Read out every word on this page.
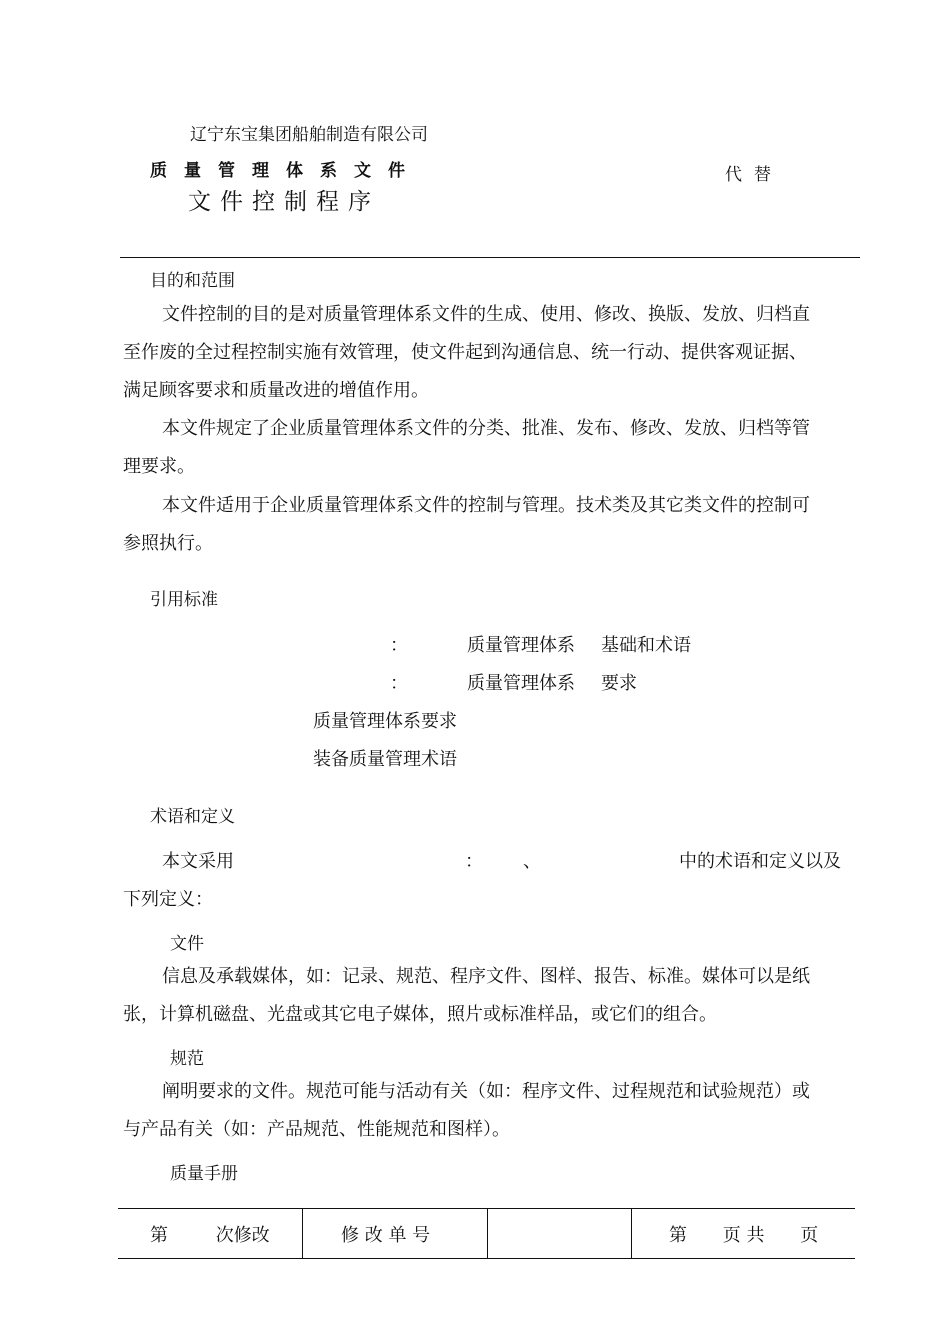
辽宁东宝集团船舶制造有限公司
质量管理体系文件
文件控制程序
代替
目的和范围
文件控制的目的是对质量管理体系文件的生成、使用、修改、换版、发放、归档直
至作废的全过程控制实施有效管理，使文件起到沟通信息、统一行动、提供客观证据、
满足顾客要求和质量改进的增值作用。
本文件规定了企业质量管理体系文件的分类、批准、发布、修改、发放、归档等管
理要求。
本文件适用于企业质量管理体系文件的控制与管理。技术类及其它类文件的控制可
参照执行。
引用标准
：	质量管理体系 基础和术语
：	质量管理体系 要求
质量管理体系要求
装备质量管理术语
术语和定义
本文采用	： 、	中的术语和定义以及
下列定义：
文件
信息及承载媒体，如：记录、规范、程序文件、图样、报告、标准。媒体可以是纸
张，计算机磁盘、光盘或其它电子媒体，照片或标准样品，或它们的组合。
规范
阐明要求的文件。规范可能与活动有关（如：程序文件、过程规范和试验规范）或
与产品有关（如：产品规范、性能规范和图样）。
质量手册
第	次修改	修 改 单 号		第 页 共 页
